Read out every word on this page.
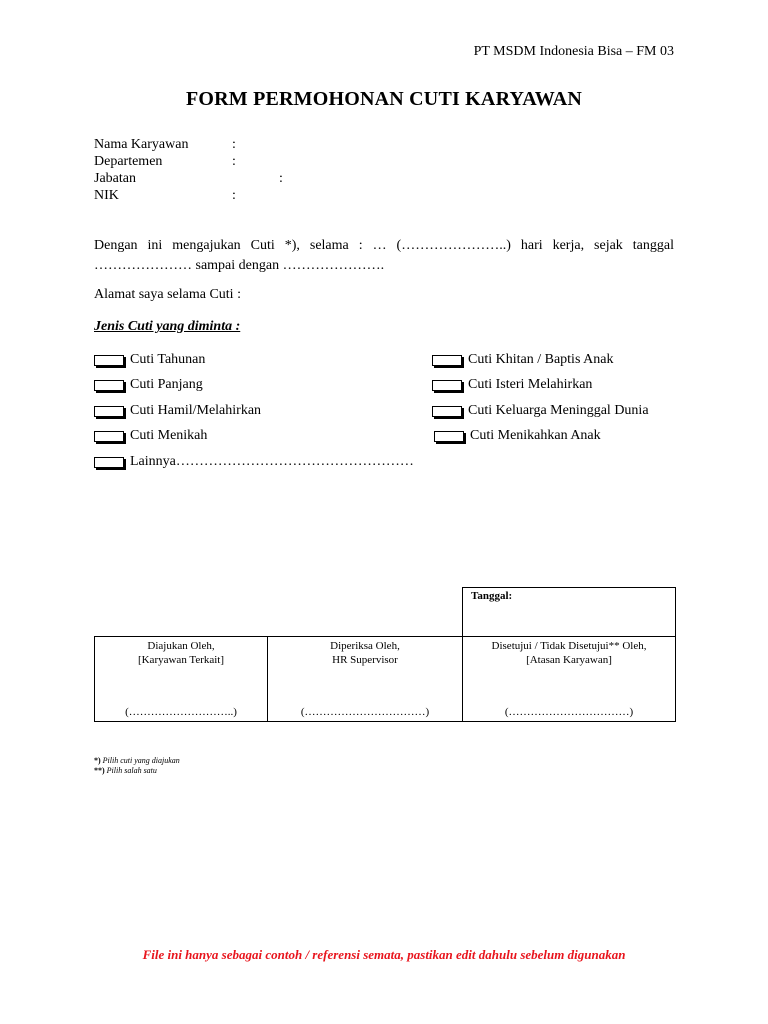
PT MSDM Indonesia Bisa – FM 03
FORM PERMOHONAN CUTI KARYAWAN
Nama Karyawan	:
Departemen	:
Jabatan	:
NIK	:
Dengan ini mengajukan Cuti *), selama : … (…………………..) hari kerja, sejak tanggal ………………… sampai dengan ………………….
Alamat saya selama Cuti :
Jenis Cuti yang diminta :
Cuti Tahunan
Cuti Panjang
Cuti Hamil/Melahirkan
Cuti Menikah
Lainnya……………………………………………
Cuti Khitan / Baptis Anak
Cuti Isteri Melahirkan
Cuti Keluarga Meninggal Dunia
Cuti Menikahkan Anak
Tanggal:
Diajukan Oleh,
[Karyawan Terkait]
(………………………..)
Diperiksa Oleh,
HR Supervisor
(……………………………)
Disetujui / Tidak Disetujui** Oleh,
[Atasan Karyawan]
(……………………………)
*) Pilih cuti yang diajukan
**) Pilih salah satu
File ini hanya sebagai contoh / referensi semata, pastikan edit dahulu sebelum digunakan
